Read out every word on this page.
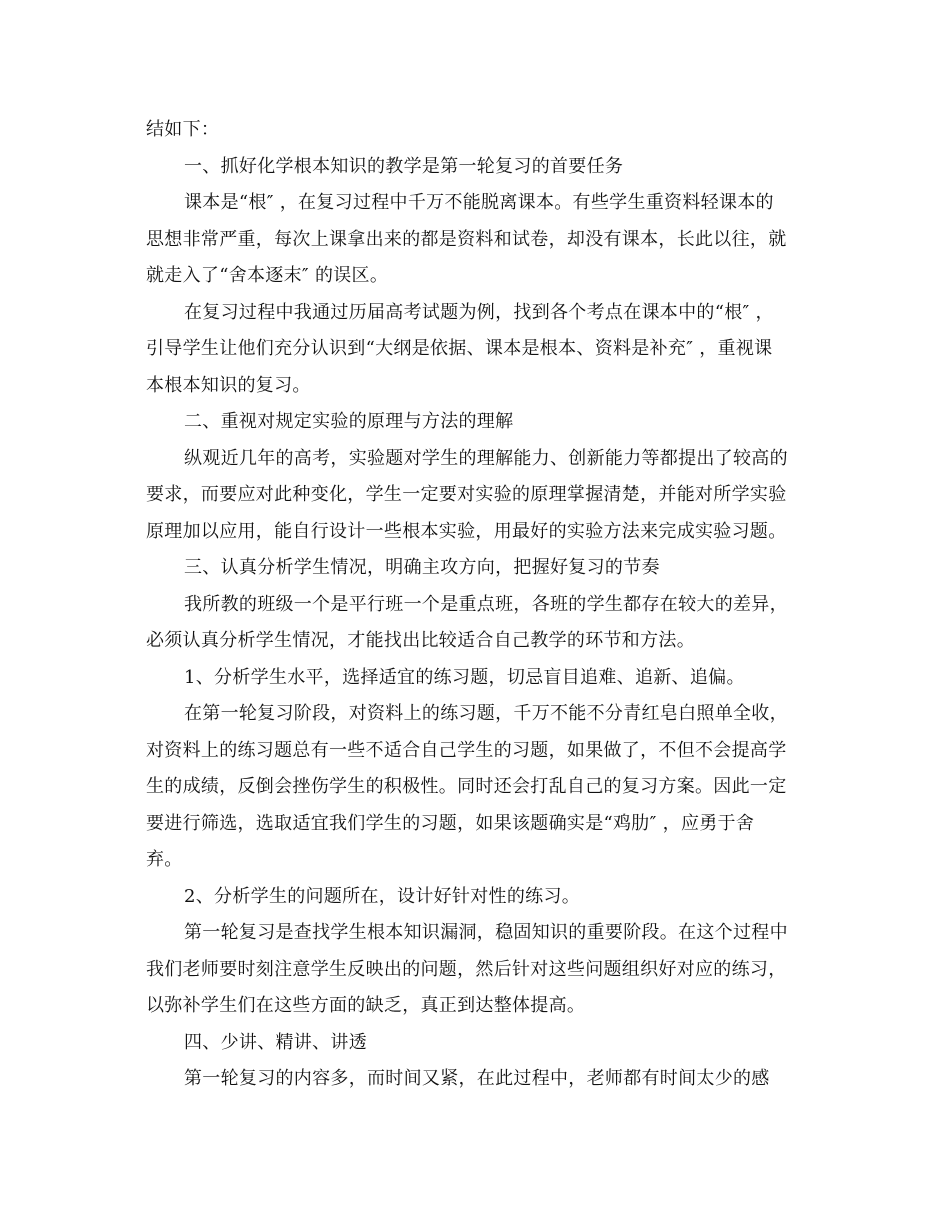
结如下：
一、抓好化学根本知识的教学是第一轮复习的首要任务
课本是“根″ ，在复习过程中千万不能脱离课本。有些学生重资料轻课本的
思想非常严重，每次上课拿出来的都是资料和试卷，却没有课本，长此以往，就
就走入了“舍本逐末″ 的误区。
在复习过程中我通过历届高考试题为例，找到各个考点在课本中的“根″ ，
引导学生让他们充分认识到“大纲是依据、课本是根本、资料是补充″ ，重视课
本根本知识的复习。
二、重视对规定实验的原理与方法的理解
纵观近几年的高考，实验题对学生的理解能力、创新能力等都提出了较高的
要求，而要应对此种变化，学生一定要对实验的原理掌握清楚，并能对所学实验
原理加以应用，能自行设计一些根本实验，用最好的实验方法来完成实验习题。
三、认真分析学生情况，明确主攻方向，把握好复习的节奏
我所教的班级一个是平行班一个是重点班，各班的学生都存在较大的差异，
必须认真分析学生情况，才能找出比较适合自己教学的环节和方法。
1、分析学生水平，选择适宜的练习题，切忌盲目追难、追新、追偏。
在第一轮复习阶段，对资料上的练习题，千万不能不分青红皂白照单全收，
对资料上的练习题总有一些不适合自己学生的习题，如果做了，不但不会提高学
生的成绩，反倒会挫伤学生的积极性。同时还会打乱自己的复习方案。因此一定
要进行筛选，选取适宜我们学生的习题，如果该题确实是“鸡肋″ ，应勇于舍
弃。
2、分析学生的问题所在，设计好针对性的练习。
第一轮复习是查找学生根本知识漏洞，稳固知识的重要阶段。在这个过程中
我们老师要时刻注意学生反映出的问题，然后针对这些问题组织好对应的练习，
以弥补学生们在这些方面的缺乏，真正到达整体提高。
四、少讲、精讲、讲透
第一轮复习的内容多，而时间又紧，在此过程中，老师都有时间太少的感
